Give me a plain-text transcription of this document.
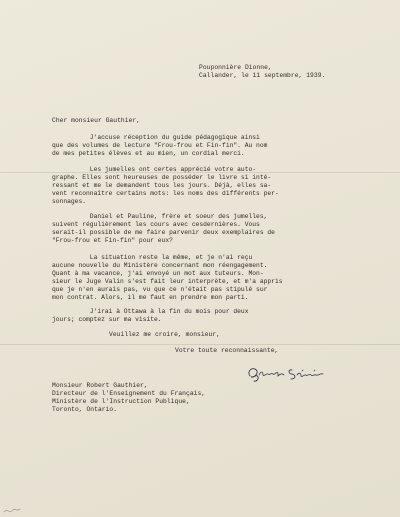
Pouponnière Dionne,
Callander, le 11 septembre, 1939.
Cher monsieur Gauthier,
J'accuse réception du guide pédagogique ainsi
que des volumes de lecture "Frou-frou et Fin-fin". Au nom
de mes petites élèves et au mien, un cordial merci.
Les jumelles ont certes apprécié votre auto-
graphe. Elles sont heureuses de posséder le livre si inté-
ressant et me le demandent tous les jours. Déjà, elles sa-
vent reconnaître certains mots: les noms des différents per-
sonnages.
Daniel et Pauline, frère et soeur des jumelles,
suivent régulièrement les cours avec cesdernières. Vous
serait-il possible de me faire parvenir deux exemplaires de
"Frou-frou et Fin-fin" pour eux?
La situation reste la même, et je n'ai reçu
aucune nouvelle du Ministère concernant mon réengagement.
Quant à ma vacance, j'ai envoyé un mot aux tuteurs. Mon-
sieur le Juge Valin s'est fait leur interprète, et m'a appris
que je n'en aurais pas, vu que ce n'était pas stipulé sur
mon contrat. Alors, il me faut en prendre mon parti.
J'irai à Ottawa à la fin du mois pour deux
jours; comptez sur ma visite.
Veuillez me croire, monsieur,
Votre toute reconnaissante,
Monsieur Robert Gauthier,
Directeur de l'Enseignement du Français,
Ministère de l'Instruction Publique,
Toronto, Ontario.
